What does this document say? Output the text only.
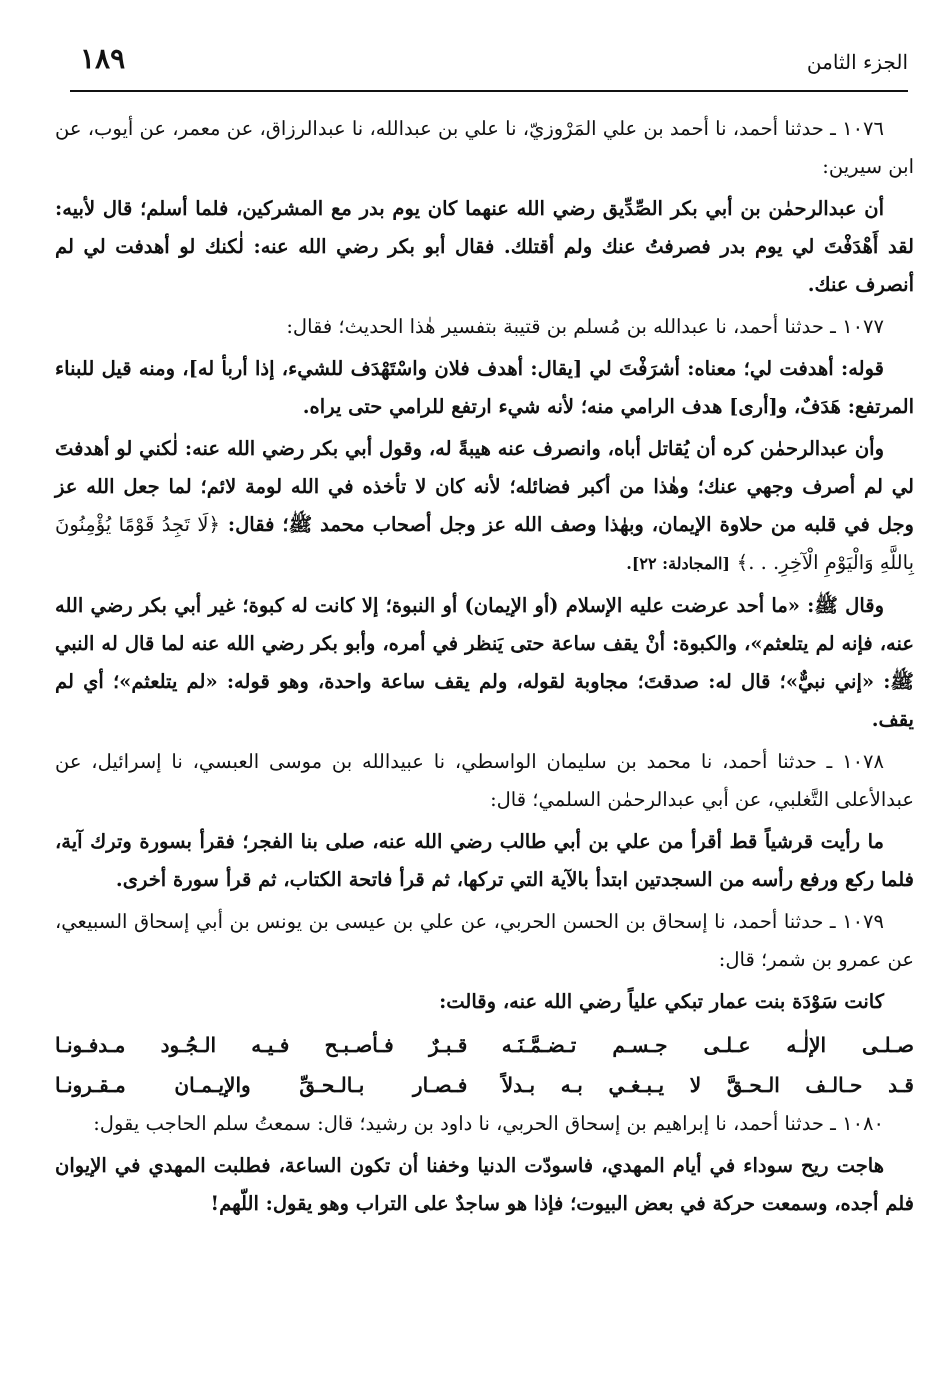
الجزء الثامن
١٨٩

١٠٧٦ ـ حدثنا أحمد، نا أحمد بن علي المَرْوزيّ، نا علي بن عبدالله، نا عبدالرزاق، عن معمر، عن أيوب، عن ابن سيرين:

أن عبدالرحمٰن بن أبي بكر الصِّدِّيق رضي الله عنهما كان يوم بدر مع المشركين، فلما أسلم؛ قال لأبيه: لقد أَهْدَفْتَ لي يوم بدر فصرفتُ عنك ولم أقتلك. فقال أبو بكر رضي الله عنه: لٰكنك لو أهدفت لي لم أنصرف عنك.

١٠٧٧ ـ حدثنا أحمد، نا عبدالله بن مُسلم بن قتيبة بتفسير هٰذا الحديث؛ فقال:

قوله: أهدفت لي؛ معناه: أشرَفْتَ لي [يقال: أهدف فلان واسْتَهْدَف للشيء، إذا أربأ له]، ومنه قيل للبناء المرتفع: هَدَفٌ، و[أرى] هدف الرامي منه؛ لأنه شيء ارتفع للرامي حتى يراه.

وأن عبدالرحمٰن كره أن يُقاتل أباه، وانصرف عنه هيبةً له، وقول أبي بكر رضي الله عنه: لٰكني لو أهدفتَ لي لم أصرف وجهي عنك؛ وهٰذا من أكبر فضائله؛ لأنه كان لا تأخذه في الله لومة لائم؛ لما جعل الله عز وجل في قلبه من حلاوة الإيمان، وبهٰذا وصف الله عز وجل أصحاب محمد ﷺ؛ فقال: ﴿لَا تَجِدُ قَوْمًا يُؤْمِنُونَ بِاللَّهِ وَالْيَوْمِ الْآخِرِ. . .﴾ [المجادلة: ٢٢].

وقال ﷺ: «ما أحد عرضت عليه الإسلام (أو الإيمان) أو النبوة؛ إلا كانت له كبوة؛ غير أبي بكر رضي الله عنه، فإنه لم يتلعثم»، والكبوة: أنْ يقف ساعة حتى يَنظر في أمره، وأبو بكر رضي الله عنه لما قال له النبي ﷺ: «إني نبيٌّ»؛ قال له: صدقتَ؛ مجاوبة لقوله، ولم يقف ساعة واحدة، وهو قوله: «لم يتلعثم»؛ أي لم يقف.

١٠٧٨ ـ حدثنا أحمد، نا محمد بن سليمان الواسطي، نا عبيدالله بن موسى العبسي، نا إسرائيل، عن عبدالأعلى التَّغلبي، عن أبي عبدالرحمٰن السلمي؛ قال:

ما رأيت قرشياً قط أقرأ من علي بن أبي طالب رضي الله عنه، صلى بنا الفجر؛ فقرأ بسورة وترك آية، فلما ركع ورفع رأسه من السجدتين ابتدأ بالآية التي تركها، ثم قرأ فاتحة الكتاب، ثم قرأ سورة أخرى.

١٠٧٩ ـ حدثنا أحمد، نا إسحاق بن الحسن الحربي، عن علي بن عيسى بن يونس بن أبي إسحاق السبيعي، عن عمرو بن شمر؛ قال:

كانت سَوْدَة بنت عمار تبكي علياً رضي الله عنه، وقالت:

صـلـى الإلٰـه عـلـى جـسـم تـضـمَّـنَـه
قـبـرٌ فـأصـبـح فـيـه الـجُـود مـدفـونـا
قـد حـالـف الـحـقَّ لا يـبـغـي بـه بـدلاً
فـصـار بـالـحـقِّ والإيـمـان مـقـرونـا

١٠٨٠ ـ حدثنا أحمد، نا إبراهيم بن إسحاق الحربي، نا داود بن رشيد؛ قال: سمعتُ سلم الحاجب يقول:

هاجت ريح سوداء في أيام المهدي، فاسودّت الدنيا وخفنا أن تكون الساعة، فطلبت المهدي في الإيوان فلم أجده، وسمعت حركة في بعض البيوت؛ فإذا هو ساجدٌ على التراب وهو يقول: اللّهم!
